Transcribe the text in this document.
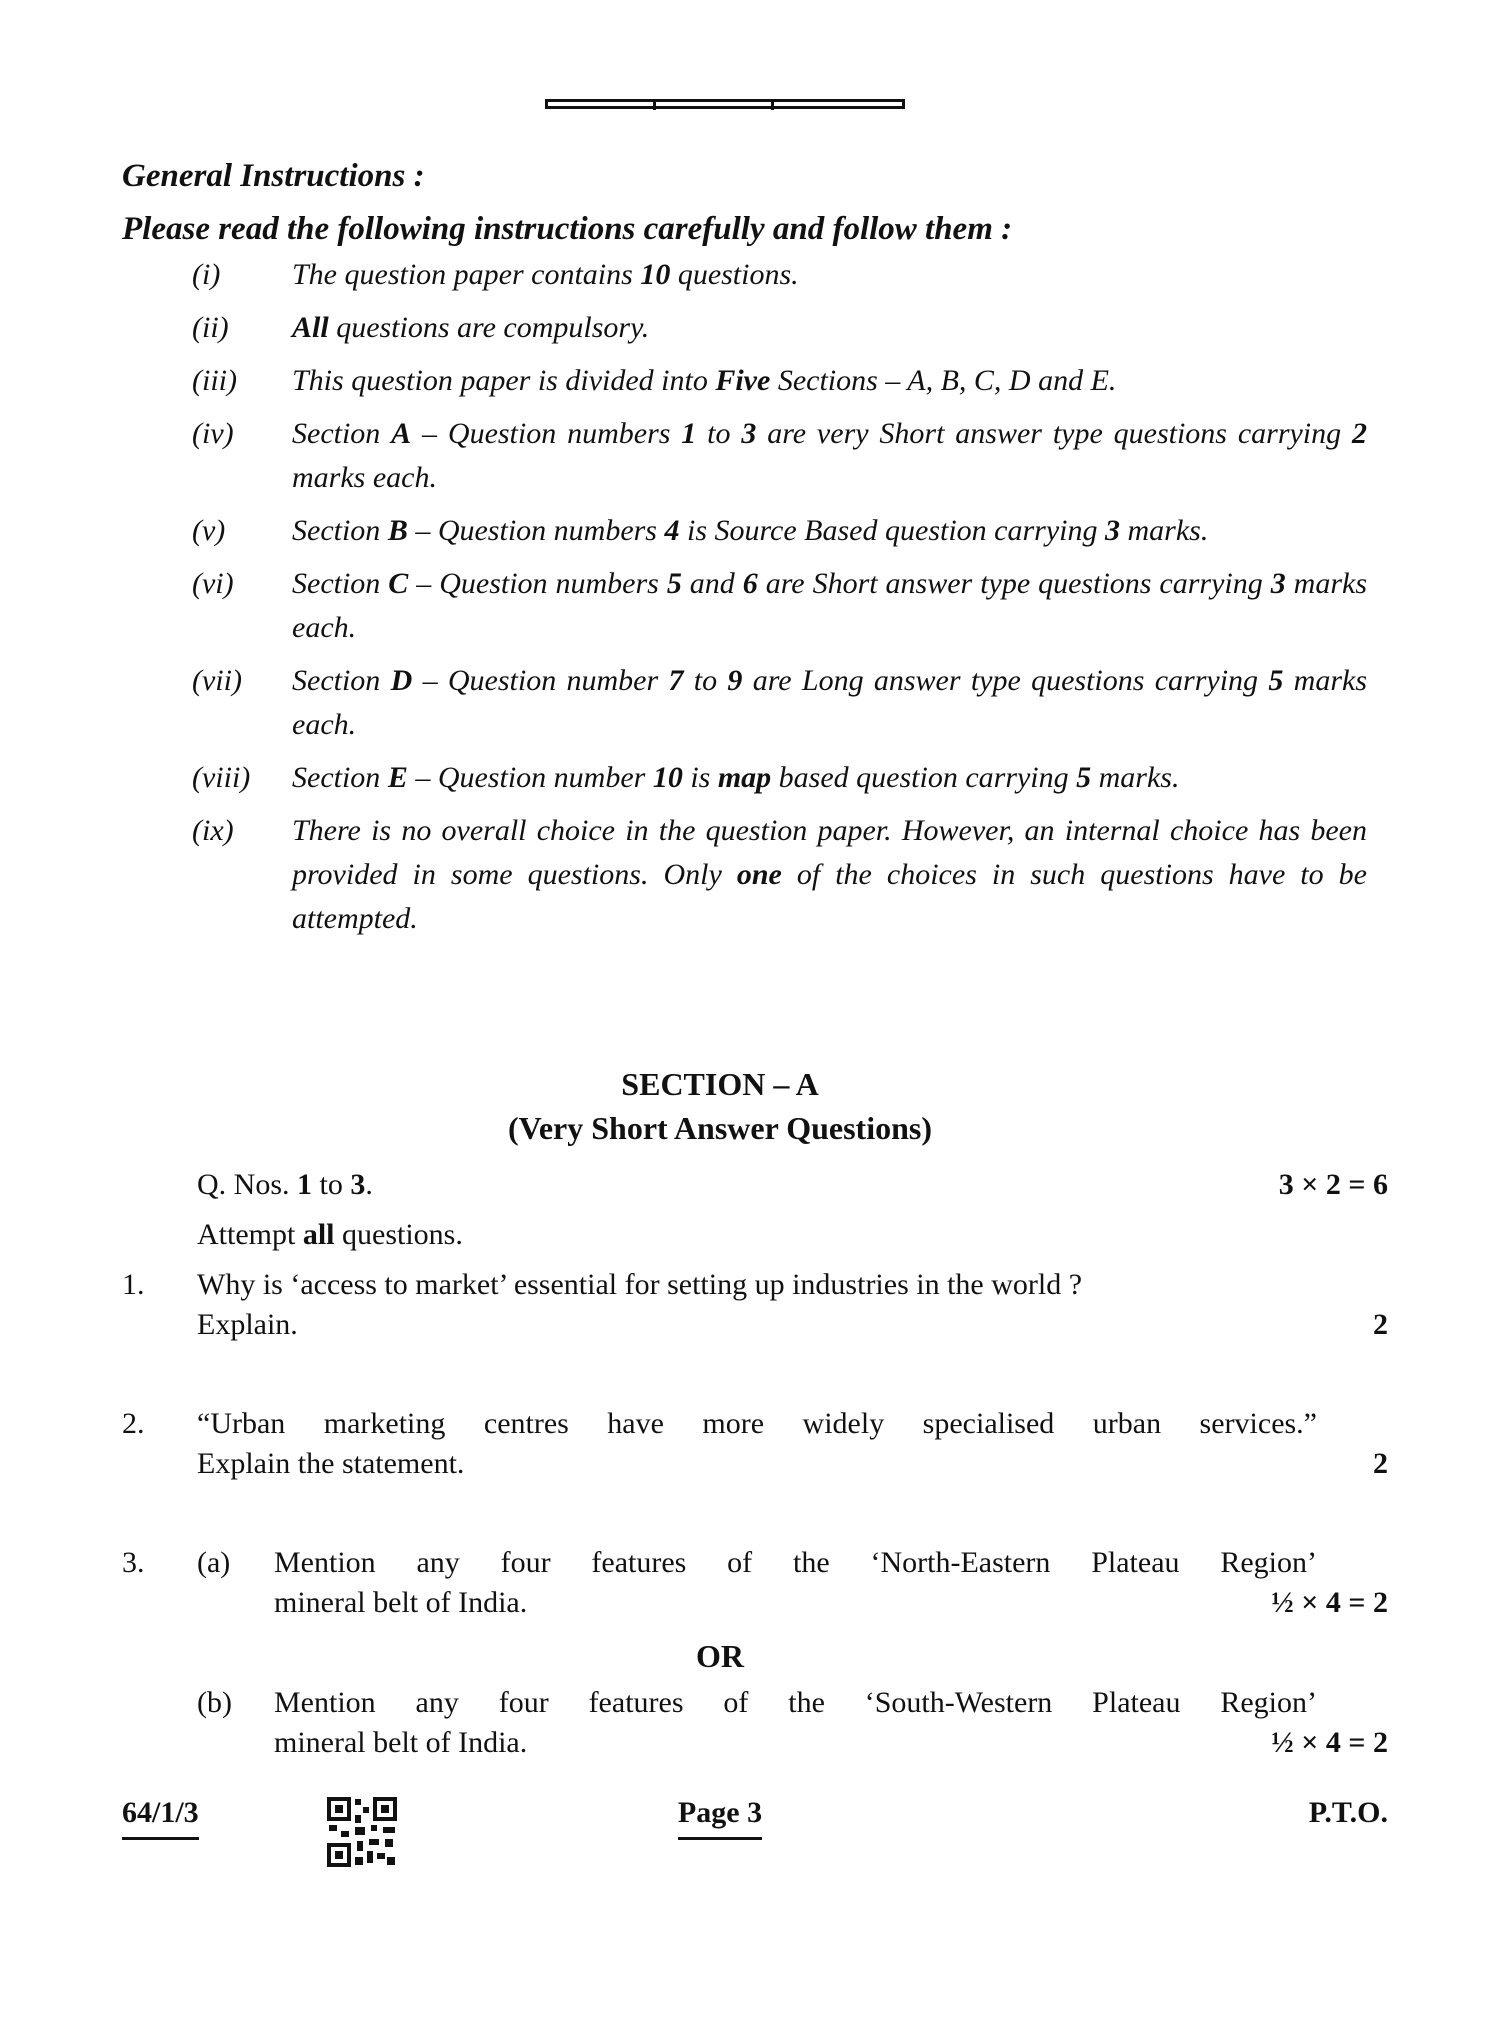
General Instructions :
Please read the following instructions carefully and follow them :
(i)	The question paper contains 10 questions.
(ii)	All questions are compulsory.
(iii)	This question paper is divided into Five Sections – A, B, C, D and E.
(iv)	Section A – Question numbers 1 to 3 are very Short answer type questions carrying 2 marks each.
(v)	Section B – Question numbers 4 is Source Based question carrying 3 marks.
(vi)	Section C – Question numbers 5 and 6 are Short answer type questions carrying 3 marks each.
(vii)	Section D – Question number 7 to 9 are Long answer type questions carrying 5 marks each.
(viii)	Section E – Question number 10 is map based question carrying 5 marks.
(ix)	There is no overall choice in the question paper. However, an internal choice has been provided in some questions. Only one of the choices in such questions have to be attempted.
SECTION – A
(Very Short Answer Questions)
Q. Nos. 1 to 3.	3 × 2 = 6
Attempt all questions.
1. Why is ‘access to market’ essential for setting up industries in the world ?
Explain.	2
2. “Urban marketing centres have more widely specialised urban services.”
Explain the statement.	2
3. (a) Mention any four features of the ‘North-Eastern Plateau Region’
mineral belt of India.	½ × 4 = 2
OR
(b) Mention any four features of the ‘South-Western Plateau Region’
mineral belt of India.	½ × 4 = 2
64/1/3	Page 3	P.T.O.
